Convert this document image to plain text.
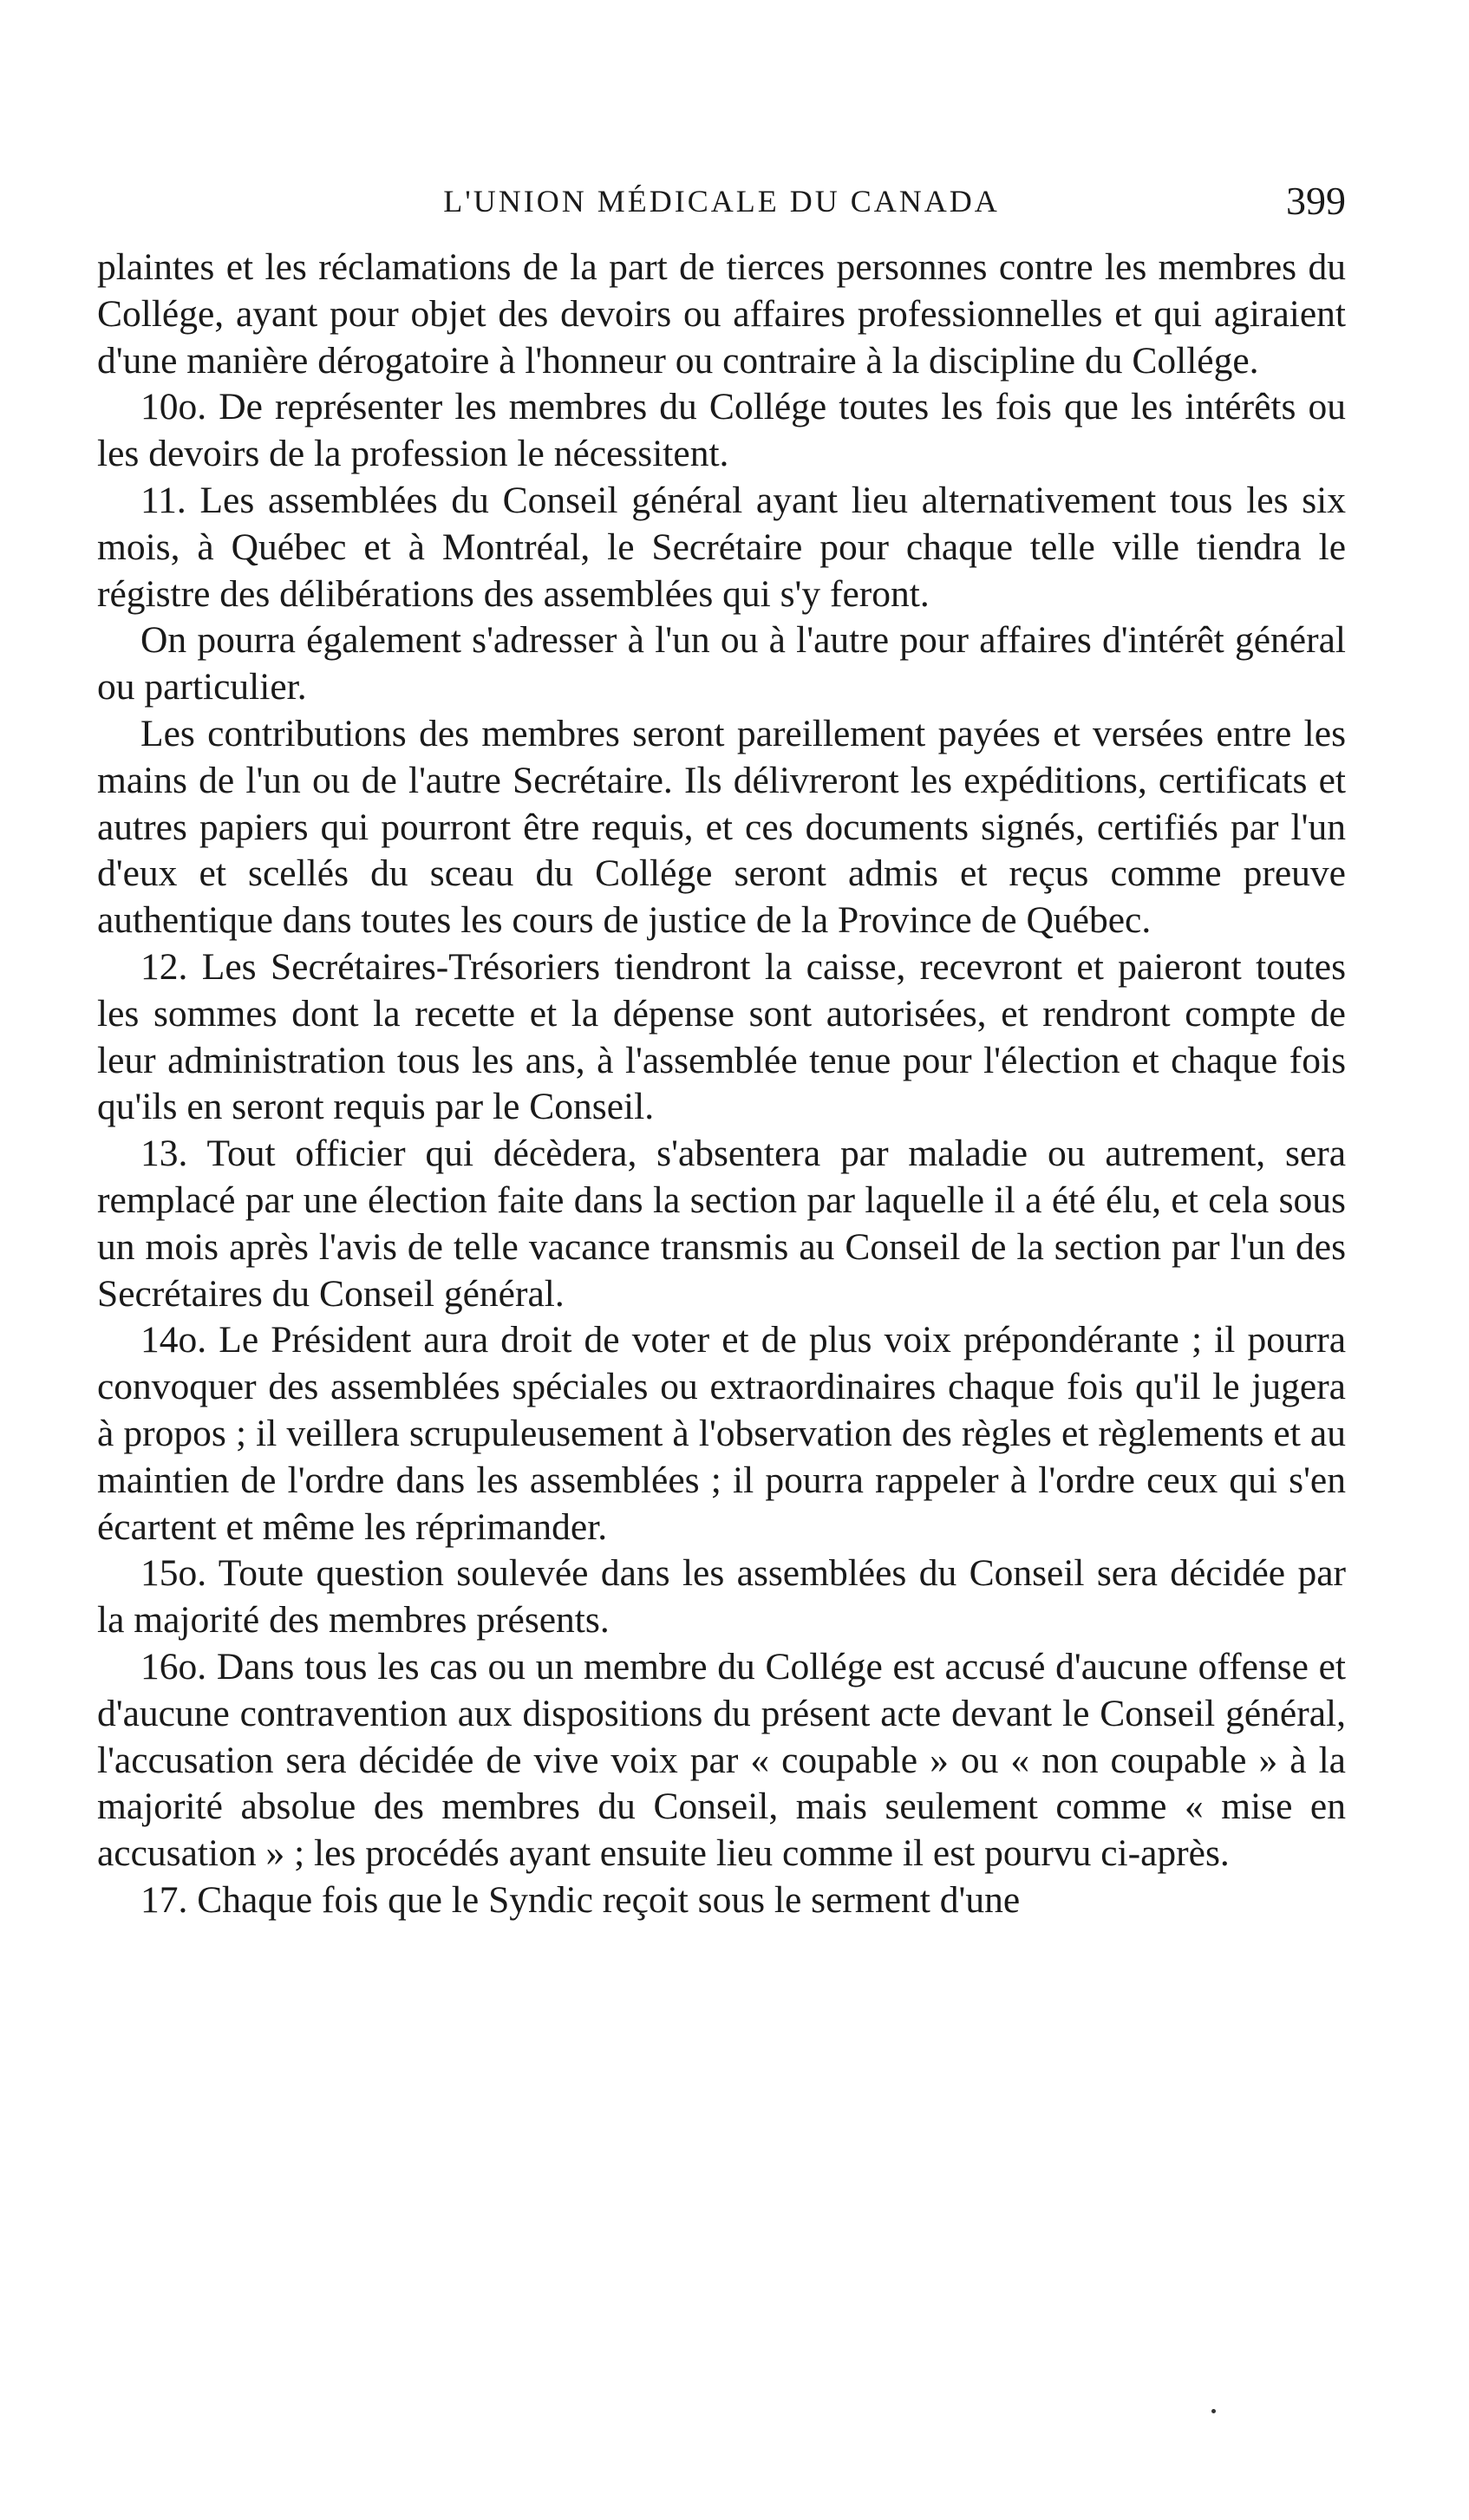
L'UNION MÉDICALE DU CANADA	399

plaintes et les réclamations de la part de tierces personnes contre les membres du Collége, ayant pour objet des devoirs ou affaires professionnelles et qui agiraient d'une manière dérogatoire à l'honneur ou contraire à la discipline du Collége.

10o. De représenter les membres du Collége toutes les fois que les intérêts ou les devoirs de la profession le nécessitent.

11. Les assemblées du Conseil général ayant lieu alternativement tous les six mois, à Québec et à Montréal, le Secrétaire pour chaque telle ville tiendra le régistre des délibérations des assemblées qui s'y feront.

On pourra également s'adresser à l'un ou à l'autre pour affaires d'intérêt général ou particulier.

Les contributions des membres seront pareillement payées et versées entre les mains de l'un ou de l'autre Secrétaire. Ils délivreront les expéditions, certificats et autres papiers qui pourront être requis, et ces documents signés, certifiés par l'un d'eux et scellés du sceau du Collége seront admis et reçus comme preuve authentique dans toutes les cours de justice de la Province de Québec.

12. Les Secrétaires-Trésoriers tiendront la caisse, recevront et paieront toutes les sommes dont la recette et la dépense sont autorisées, et rendront compte de leur administration tous les ans, à l'assemblée tenue pour l'élection et chaque fois qu'ils en seront requis par le Conseil.

13. Tout officier qui décèdera, s'absentera par maladie ou autrement, sera remplacé par une élection faite dans la section par laquelle il a été élu, et cela sous un mois après l'avis de telle vacance transmis au Conseil de la section par l'un des Secrétaires du Conseil général.

14o. Le Président aura droit de voter et de plus voix prépondérante ; il pourra convoquer des assemblées spéciales ou extraordinaires chaque fois qu'il le jugera à propos ; il veillera scrupuleusement à l'observation des règles et règlements et au maintien de l'ordre dans les assemblées ; il pourra rappeler à l'ordre ceux qui s'en écartent et même les réprimander.

15o. Toute question soulevée dans les assemblées du Conseil sera décidée par la majorité des membres présents.

16o. Dans tous les cas ou un membre du Collége est accusé d'aucune offense et d'aucune contravention aux dispositions du présent acte devant le Conseil général, l'accusation sera décidée de vive voix par « coupable » ou « non coupable » à la majorité absolue des membres du Conseil, mais seulement comme « mise en accusation » ; les procédés ayant ensuite lieu comme il est pourvu ci-après.

17. Chaque fois que le Syndic reçoit sous le serment d'une
